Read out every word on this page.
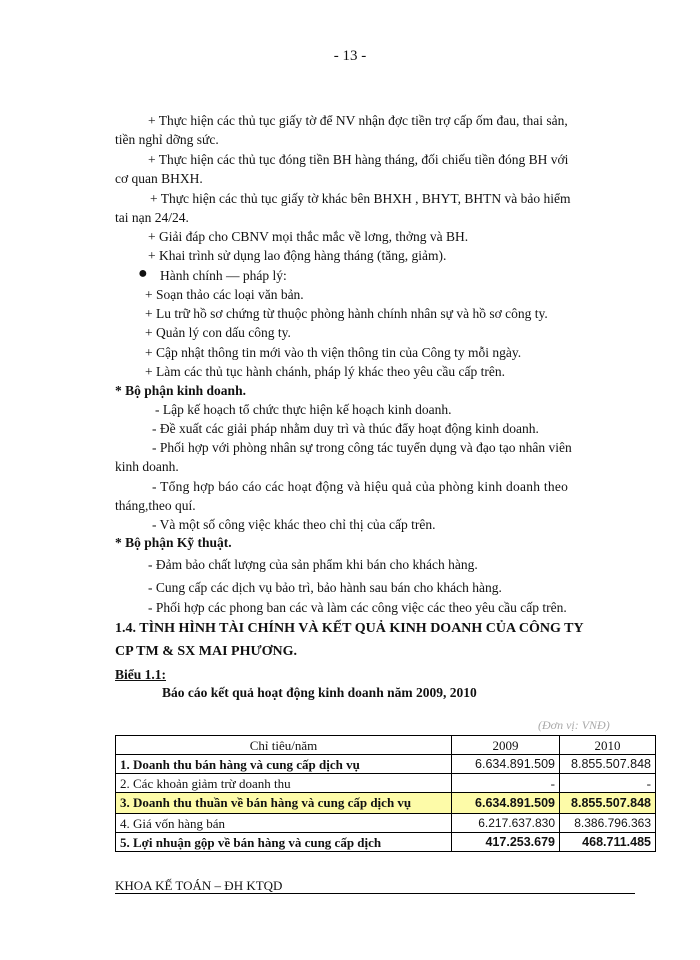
- 13 -
+ Thực hiện các thủ tục giấy tờ để NV nhận đợc tiền trợ cấp ốm đau, thai sản,
tiền nghỉ dỡng sức.
+ Thực hiện các thủ tục đóng tiền BH hàng tháng, đối chiếu tiền đóng BH với
cơ quan BHXH.
+ Thực hiện các thủ tục giấy tờ khác bên BHXH , BHYT, BHTN và bảo hiểm
tai nạn 24/24.
+ Giải đáp cho CBNV mọi thắc mắc về lơng, thởng và BH.
+ Khai trình sử dụng lao động hàng tháng (tăng, giảm).
● Hành chính — pháp lý:
+ Soạn thảo các loại văn bản.
+ Lu trữ hồ sơ chứng từ thuộc phòng hành chính nhân sự và hồ sơ công ty.
+ Quản lý con dấu công ty.
+ Cập nhật thông tin mới vào th viện thông tin của Công ty mỗi ngày.
+ Làm các thủ tục hành chánh, pháp lý khác theo yêu cầu cấp trên.
* Bộ phận kinh doanh.
- Lập kế hoạch tổ chức thực hiện kế hoạch kinh doanh.
- Đề xuất các giải pháp nhằm duy trì và thúc đẩy hoạt động kinh doanh.
- Phối hợp với phòng nhân sự trong công tác tuyển dụng và đạo tạo nhân viên
kinh doanh.
- Tổng hợp báo cáo các hoạt động và hiệu quả của phòng kinh doanh theo
tháng,theo quí.
- Và một số công việc khác theo chỉ thị của cấp trên.
* Bộ phận Kỹ thuật.
- Đảm bảo chất lượng của sản phẩm khi bán cho khách hàng.
- Cung cấp các dịch vụ bảo trì, bảo hành sau bán cho khách hàng.
- Phối hợp các phong ban các và làm các công việc các theo yêu cầu cấp trên.
1.4. TÌNH HÌNH TÀI CHÍNH VÀ KẾT QUẢ KINH DOANH CỦA CÔNG TY
CP TM & SX MAI PHƯƠNG.
Biểu 1.1:
Báo cáo kết quả hoạt động kinh doanh năm 2009, 2010
(Đơn vị: VNĐ)
Chỉ tiêu/năm	2009	2010
1. Doanh thu bán hàng và cung cấp dịch vụ	6.634.891.509	8.855.507.848
2. Các khoản giảm trừ doanh thu	-	-
3. Doanh thu thuần về bán hàng và cung cấp dịch vụ	6.634.891.509	8.855.507.848
4. Giá vốn hàng bán	6.217.637.830	8.386.796.363
5. Lợi nhuận gộp về bán hàng và cung cấp dịch	417.253.679	468.711.485
KHOA KẾ TOÁN – ĐH KTQD
